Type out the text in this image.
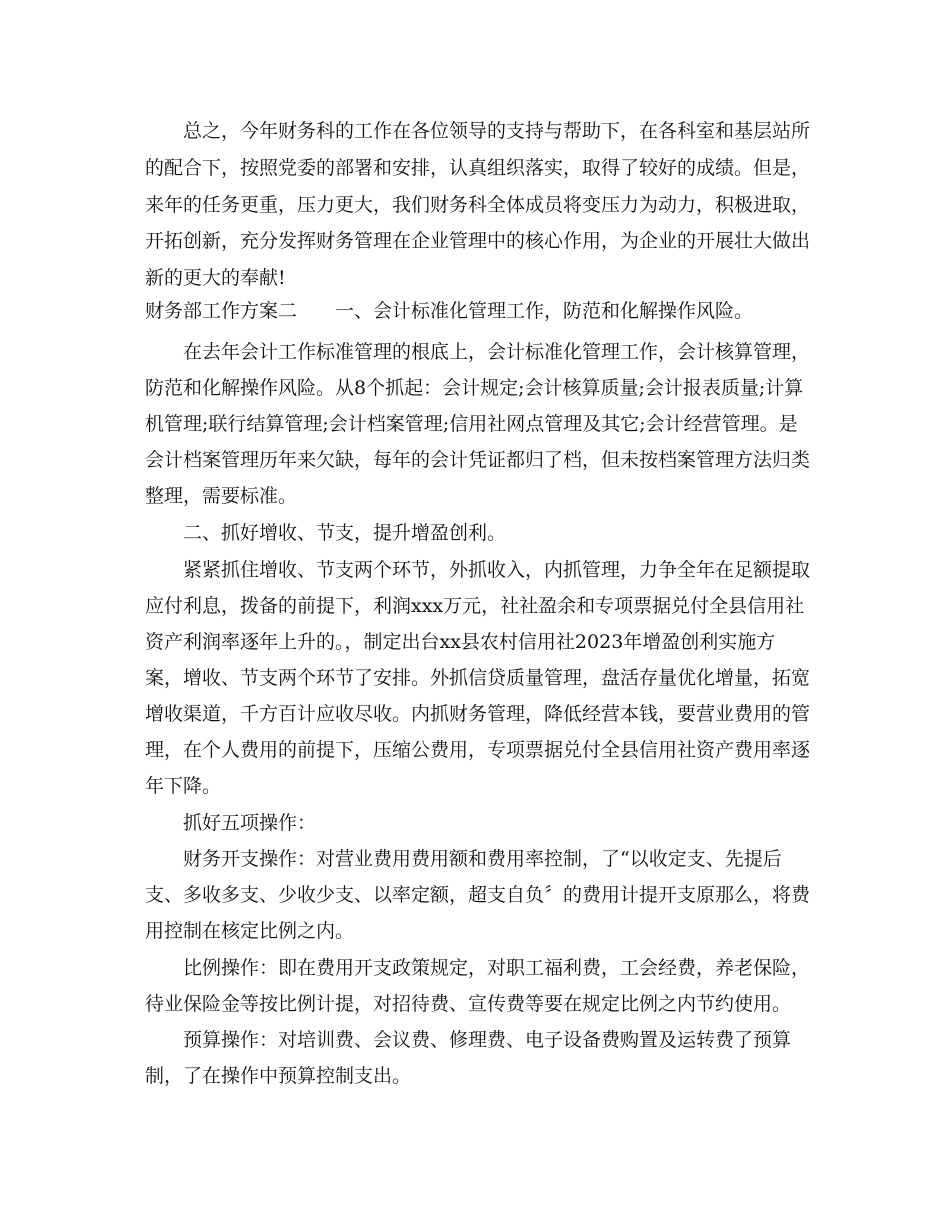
总之，今年财务科的工作在各位领导的支持与帮助下，在各科室和基层站所
的配合下，按照党委的部署和安排，认真组织落实，取得了较好的成绩。但是，
来年的任务更重，压力更大，我们财务科全体成员将变压力为动力，积极进取，
开拓创新，充分发挥财务管理在企业管理中的核心作用，为企业的开展壮大做出
新的更大的奉献!
财务部工作方案二　　一、会计标准化管理工作，防范和化解操作风险。
在去年会计工作标准管理的根底上，会计标准化管理工作，会计核算管理，
防范和化解操作风险。从8个抓起：会计规定;会计核算质量;会计报表质量;计算
机管理;联行结算管理;会计档案管理;信用社网点管理及其它;会计经营管理。是
会计档案管理历年来欠缺，每年的会计凭证都归了档，但未按档案管理方法归类
整理，需要标准。
二、抓好增收、节支，提升增盈创利。
紧紧抓住增收、节支两个环节，外抓收入，内抓管理，力争全年在足额提取
应付利息，拨备的前提下，利润xxx万元，社社盈余和专项票据兑付全县信用社
资产利润率逐年上升的。，制定出台xx县农村信用社2023年增盈创利实施方
案，增收、节支两个环节了安排。外抓信贷质量管理，盘活存量优化增量，拓宽
增收渠道，千方百计应收尽收。内抓财务管理，降低经营本钱，要营业费用的管
理，在个人费用的前提下，压缩公费用，专项票据兑付全县信用社资产费用率逐
年下降。
抓好五项操作：
财务开支操作：对营业费用费用额和费用率控制，了“以收定支、先提后
支、多收多支、少收少支、以率定额，超支自负〞的费用计提开支原那么，将费
用控制在核定比例之内。
比例操作：即在费用开支政策规定，对职工福利费，工会经费，养老保险，
待业保险金等按比例计提，对招待费、宣传费等要在规定比例之内节约使用。
预算操作：对培训费、会议费、修理费、电子设备费购置及运转费了预算
制，了在操作中预算控制支出。
